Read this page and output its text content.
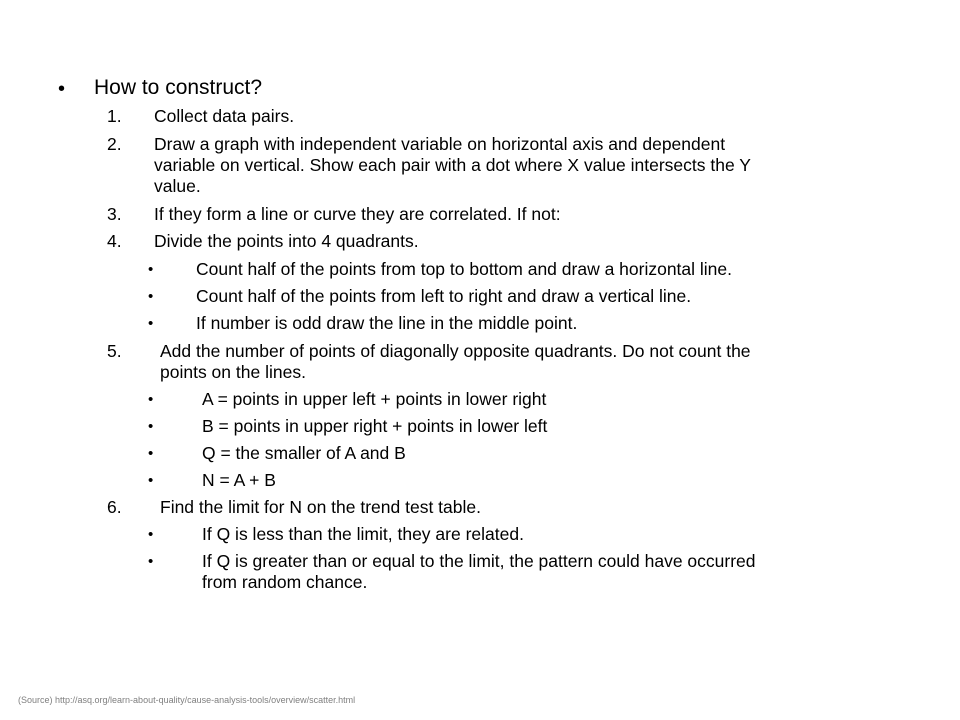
• How to construct?
1.	Collect data pairs.
2.	Draw a graph with independent variable on horizontal axis and dependent
variable on vertical. Show each pair with a dot where X value intersects the Y
value.
3.	If they form a line or curve they are correlated. If not:
4.	Divide the points into 4 quadrants.
• Count half of the points from top to bottom and draw a horizontal line.
• Count half of the points from left to right and draw a vertical line.
• If number is odd draw the line in the middle point.
5.	Add the number of points of diagonally opposite quadrants. Do not count the
points on the lines.
•	A = points in upper left + points in lower right
•	B = points in upper right + points in lower left
•	Q = the smaller of A and B
•	N = A + B
6.	Find the limit for N on the trend test table.
•	If Q is less than the limit, they are related.
•	If Q is greater than or equal to the limit, the pattern could have occurred
from random chance.
(Source) http://asq.org/learn-about-quality/cause-analysis-tools/overview/scatter.html
